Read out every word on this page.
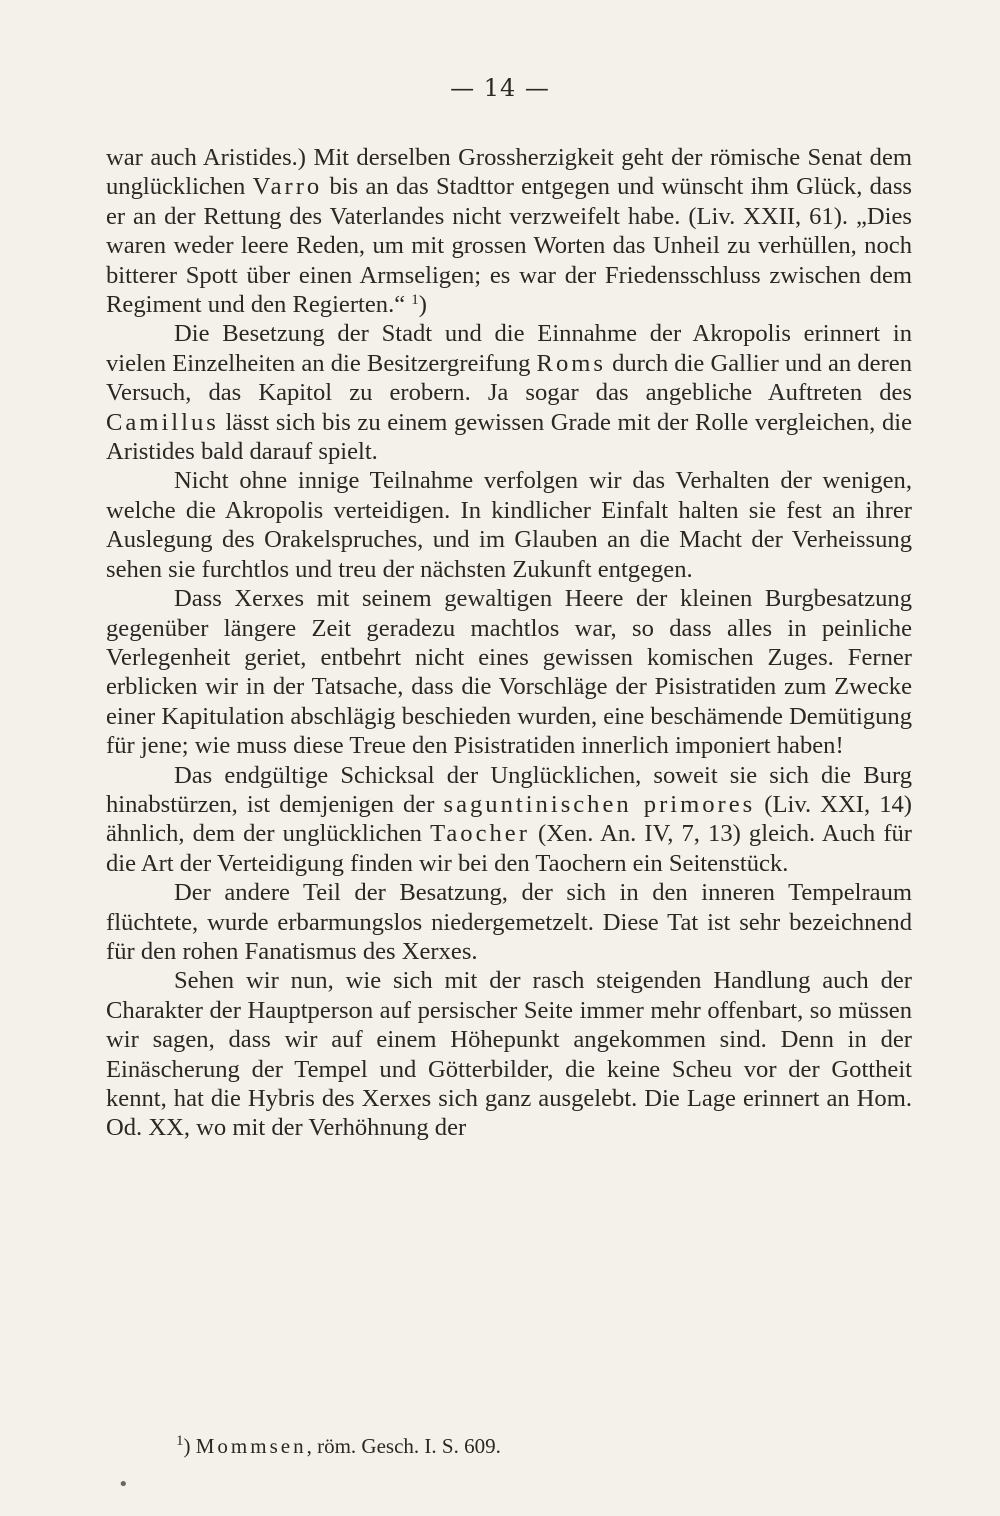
— 14 —

war auch Aristides.) Mit derselben Grossherzigkeit geht der römische Senat dem unglücklichen Varro bis an das Stadttor entgegen und wünscht ihm Glück, dass er an der Rettung des Vaterlandes nicht verzweifelt habe. (Liv. XXII, 61). „Dies waren weder leere Reden, um mit grossen Worten das Unheil zu verhüllen, noch bitterer Spott über einen Armseligen; es war der Friedensschluss zwischen dem Regiment und den Regierten.“ $^1$)

Die Besetzung der Stadt und die Einnahme der Akropolis erinnert in vielen Einzelheiten an die Besitzergreifung Roms durch die Gallier und an deren Versuch, das Kapitol zu erobern. Ja sogar das angebliche Auftreten des Camillus lässt sich bis zu einem gewissen Grade mit der Rolle vergleichen, die Aristides bald darauf spielt.

Nicht ohne innige Teilnahme verfolgen wir das Verhalten der wenigen, welche die Akropolis verteidigen. In kindlicher Einfalt halten sie fest an ihrer Auslegung des Orakelspruches, und im Glauben an die Macht der Verheissung sehen sie furchtlos und treu der nächsten Zukunft entgegen.

Dass Xerxes mit seinem gewaltigen Heere der kleinen Burgbesatzung gegenüber längere Zeit geradezu machtlos war, so dass alles in peinliche Verlegenheit geriet, entbehrt nicht eines gewissen komischen Zuges. Ferner erblicken wir in der Tatsache, dass die Vorschläge der Pisistratiden zum Zwecke einer Kapitulation abschlägig beschieden wurden, eine beschämende Demütigung für jene; wie muss diese Treue den Pisistratiden innerlich imponiert haben!

Das endgültige Schicksal der Unglücklichen, soweit sie sich die Burg hinabstürzen, ist demjenigen der saguntinischen primores (Liv. XXI, 14) ähnlich, dem der unglücklichen Taocher (Xen. An. IV, 7, 13) gleich. Auch für die Art der Verteidigung finden wir bei den Taochern ein Seitenstück.

Der andere Teil der Besatzung, der sich in den inneren Tempelraum flüchtete, wurde erbarmungslos niedergemetzelt. Diese Tat ist sehr bezeichnend für den rohen Fanatismus des Xerxes.

Sehen wir nun, wie sich mit der rasch steigenden Handlung auch der Charakter der Hauptperson auf persischer Seite immer mehr offenbart, so müssen wir sagen, dass wir auf einem Höhepunkt angekommen sind. Denn in der Einäscherung der Tempel und Götterbilder, die keine Scheu vor der Gottheit kennt, hat die Hybris des Xerxes sich ganz ausgelebt. Die Lage erinnert an Hom. Od. XX, wo mit der Verhöhnung der

$^1$) Mommsen, röm. Gesch. I. S. 609.
•
